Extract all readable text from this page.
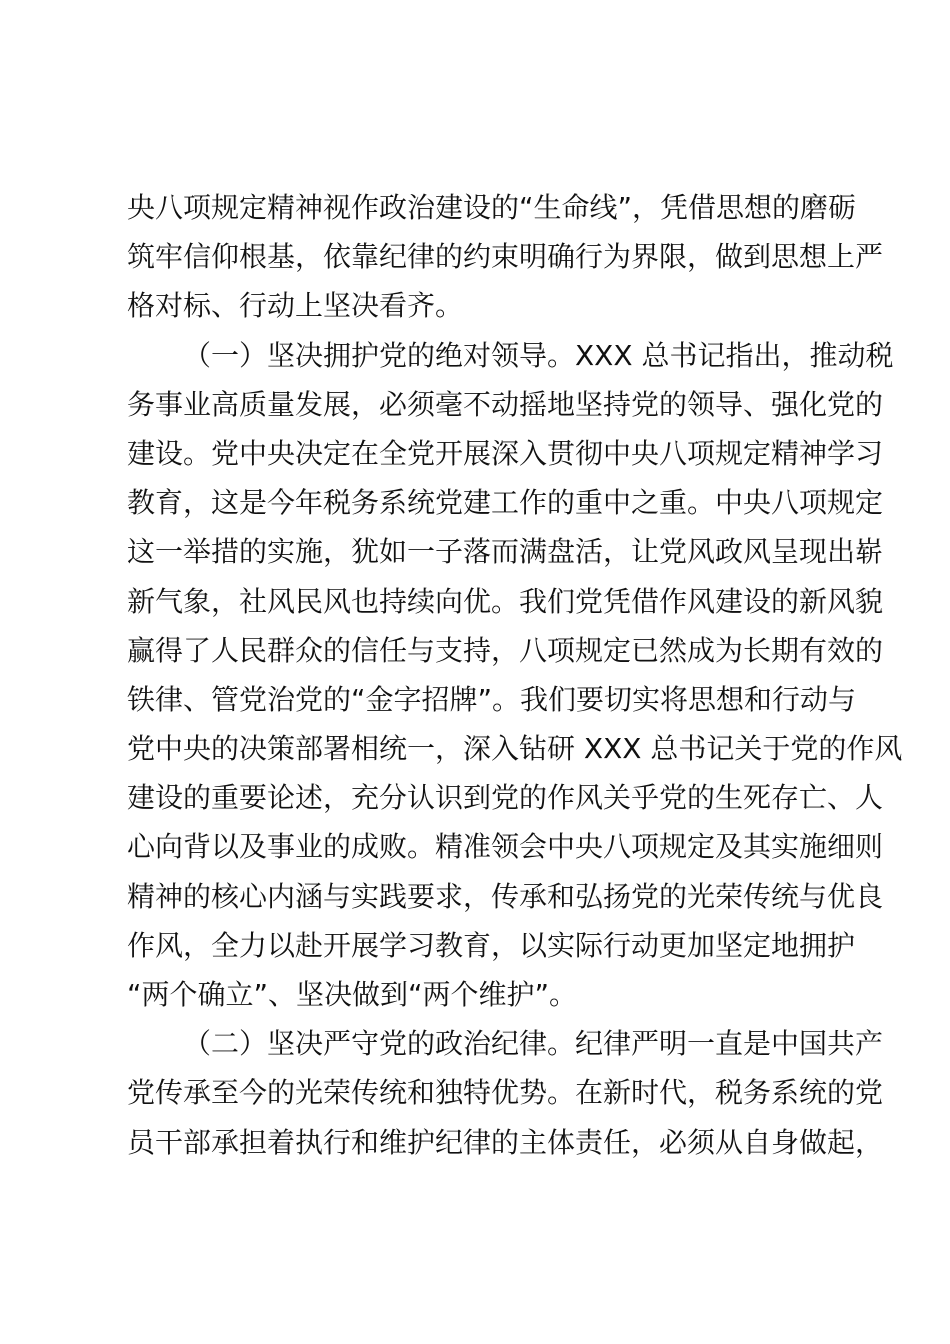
央八项规定精神视作政治建设的“生命线”，凭借思想的磨砺
筑牢信仰根基，依靠纪律的约束明确行为界限，做到思想上严
格对标、行动上坚决看齐。
（一）坚决拥护党的绝对领导。XXX 总书记指出，推动税
务事业高质量发展，必须毫不动摇地坚持党的领导、强化党的
建设。党中央决定在全党开展深入贯彻中央八项规定精神学习
教育，这是今年税务系统党建工作的重中之重。中央八项规定
这一举措的实施，犹如一子落而满盘活，让党风政风呈现出崭
新气象，社风民风也持续向优。我们党凭借作风建设的新风貌
赢得了人民群众的信任与支持，八项规定已然成为长期有效的
铁律、管党治党的“金字招牌”。我们要切实将思想和行动与
党中央的决策部署相统一，深入钻研 XXX 总书记关于党的作风
建设的重要论述，充分认识到党的作风关乎党的生死存亡、人
心向背以及事业的成败。精准领会中央八项规定及其实施细则
精神的核心内涵与实践要求，传承和弘扬党的光荣传统与优良
作风，全力以赴开展学习教育，以实际行动更加坚定地拥护
“两个确立”、坚决做到“两个维护”。
（二）坚决严守党的政治纪律。纪律严明一直是中国共产
党传承至今的光荣传统和独特优势。在新时代，税务系统的党
员干部承担着执行和维护纪律的主体责任，必须从自身做起，
